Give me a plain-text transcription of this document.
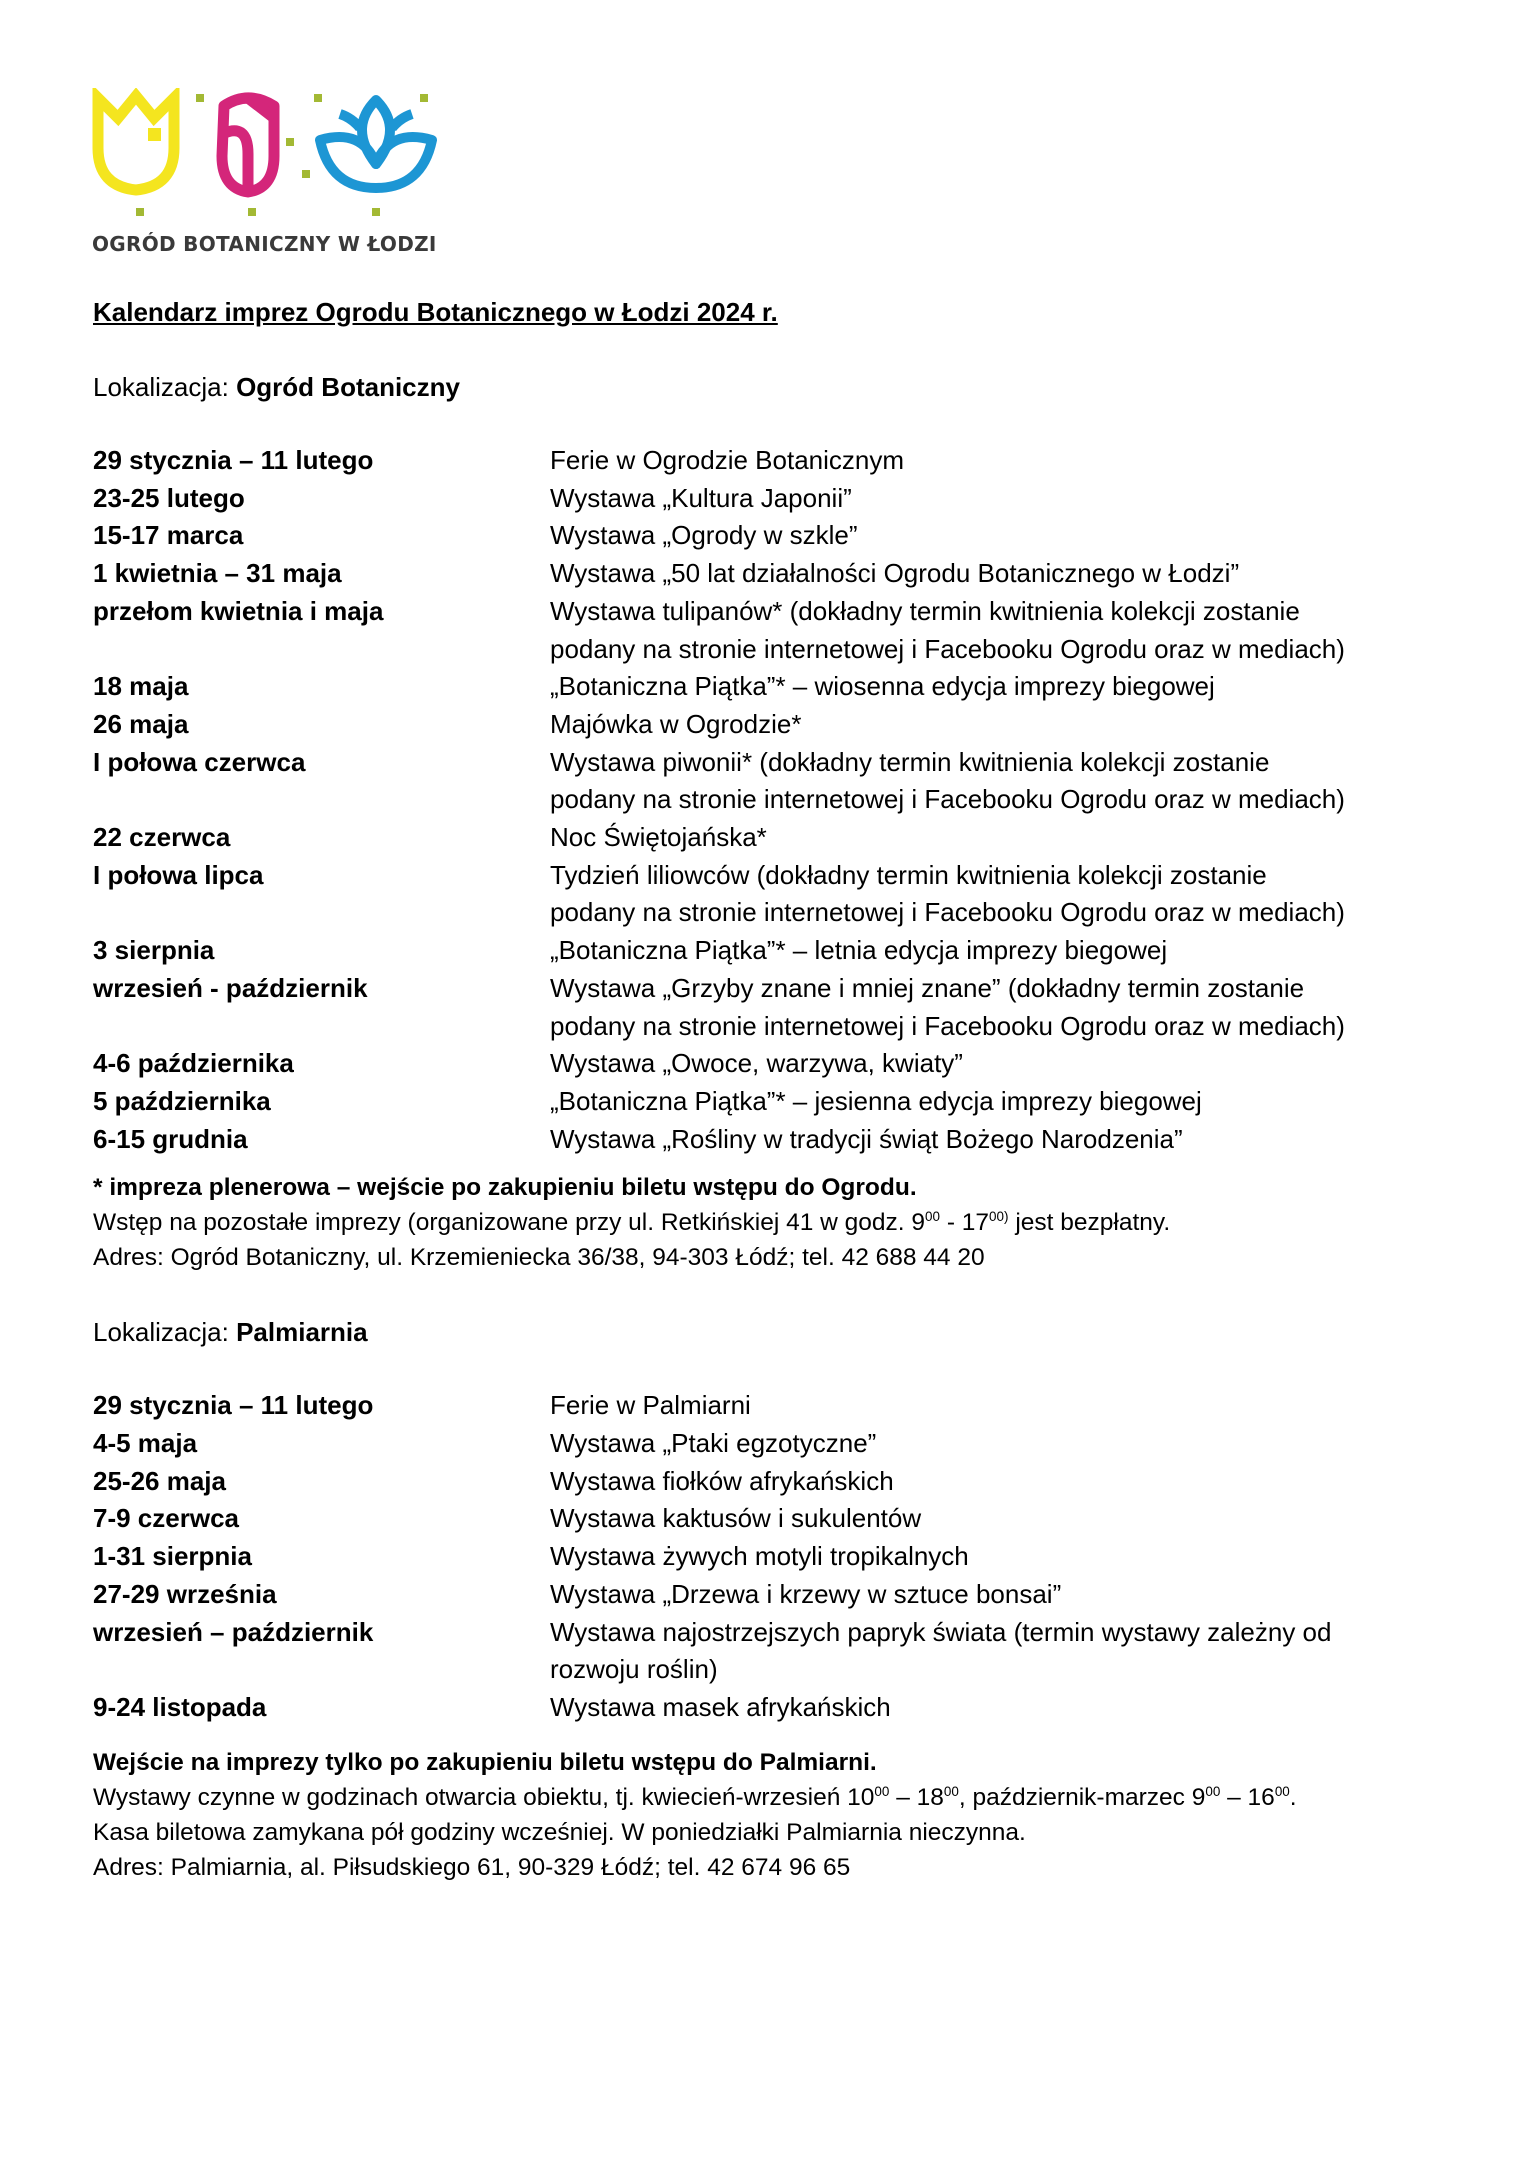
OGRÓD BOTANICZNY W ŁODZI
Kalendarz imprez Ogrodu Botanicznego w Łodzi 2024 r.
Lokalizacja: Ogród Botaniczny
29 stycznia – 11 lutego	Ferie w Ogrodzie Botanicznym
23-25 lutego	Wystawa „Kultura Japonii”
15-17 marca	Wystawa „Ogrody w szkle”
1 kwietnia – 31 maja	Wystawa „50 lat działalności Ogrodu Botanicznego w Łodzi”
przełom kwietnia i maja	Wystawa tulipanów* (dokładny termin kwitnienia kolekcji zostanie
podany na stronie internetowej i Facebooku Ogrodu oraz w mediach)
18 maja	„Botaniczna Piątka”* – wiosenna edycja imprezy biegowej
26 maja	Majówka w Ogrodzie*
I połowa czerwca	Wystawa piwonii* (dokładny termin kwitnienia kolekcji zostanie
podany na stronie internetowej i Facebooku Ogrodu oraz w mediach)
22 czerwca	Noc Świętojańska*
I połowa lipca	Tydzień liliowców (dokładny termin kwitnienia kolekcji zostanie
podany na stronie internetowej i Facebooku Ogrodu oraz w mediach)
3 sierpnia	„Botaniczna Piątka”* – letnia edycja imprezy biegowej
wrzesień - październik	Wystawa „Grzyby znane i mniej znane” (dokładny termin zostanie
podany na stronie internetowej i Facebooku Ogrodu oraz w mediach)
4-6 października	Wystawa „Owoce, warzywa, kwiaty”
5 października	„Botaniczna Piątka”* – jesienna edycja imprezy biegowej
6-15 grudnia	Wystawa „Rośliny w tradycji świąt Bożego Narodzenia”
* impreza plenerowa – wejście po zakupieniu biletu wstępu do Ogrodu.
Wstęp na pozostałe imprezy (organizowane przy ul. Retkińskiej 41 w godz. $9^{00} - 17^{00)}$ jest bezpłatny.
Adres: Ogród Botaniczny, ul. Krzemieniecka 36/38, 94-303 Łódź; tel. 42 688 44 20
Lokalizacja: Palmiarnia
29 stycznia – 11 lutego	Ferie w Palmiarni
4-5 maja	Wystawa „Ptaki egzotyczne”
25-26 maja	Wystawa fiołków afrykańskich
7-9 czerwca	Wystawa kaktusów i sukulentów
1-31 sierpnia	Wystawa żywych motyli tropikalnych
27-29 września	Wystawa „Drzewa i krzewy w sztuce bonsai”
wrzesień – październik	Wystawa najostrzejszych papryk świata (termin wystawy zależny od
rozwoju roślin)
9-24 listopada	Wystawa masek afrykańskich
Wejście na imprezy tylko po zakupieniu biletu wstępu do Palmiarni.
Wystawy czynne w godzinach otwarcia obiektu, tj. kwiecień-wrzesień $10^{00} - 18^{00}$, październik-marzec $9^{00} - 16^{00}$.
Kasa biletowa zamykana pół godziny wcześniej. W poniedziałki Palmiarnia nieczynna.
Adres: Palmiarnia, al. Piłsudskiego 61, 90-329 Łódź; tel. 42 674 96 65
